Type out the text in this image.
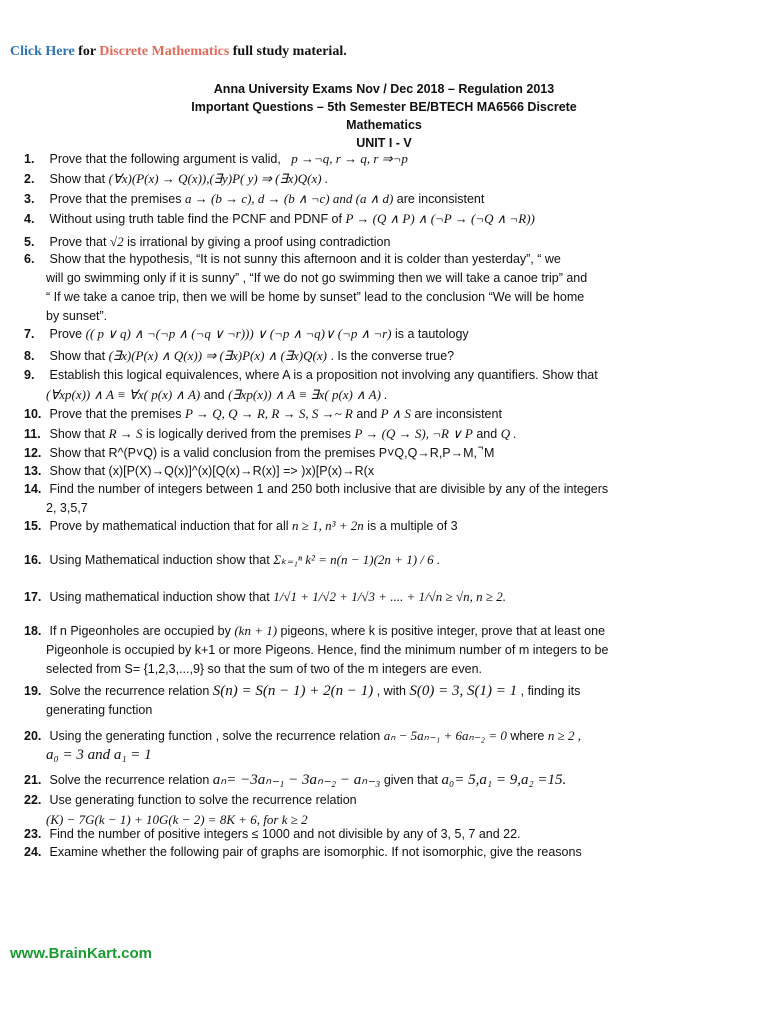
Click Here for Discrete Mathematics full study material.
Anna University Exams Nov / Dec 2018 – Regulation 2013
Important Questions – 5th Semester BE/BTECH MA6566 Discrete
Mathematics
UNIT I - V
1. Prove that the following argument is valid, p →¬q, r → q, r ⇒¬p
2. Show that (∀x)(P(x) → Q(x)),(∃y)P( y) ⇒ (∃x)Q(x) .
3. Prove that the premises a → (b → c), d → (b ∧ ¬c) and (a ∧ d) are inconsistent
4. Without using truth table find the PCNF and PDNF of P → (Q ∧ P) ∧ (¬P → (¬Q ∧ ¬R))
5. Prove that √2 is irrational by giving a proof using contradiction
6. Show that the hypothesis, “It is not sunny this afternoon and it is colder than yesterday”, “ we
will go swimming only if it is sunny” , “If we do not go swimming then we will take a canoe trip” and
“ If we take a canoe trip, then we will be home by sunset” lead to the conclusion “We will be home
by sunset”.
7. Prove (( p ∨ q) ∧ ¬(¬p ∧ (¬q ∨ ¬r))) ∨ (¬p ∧ ¬q)∨ (¬p ∧ ¬r) is a tautology
8. Show that (∃x)(P(x) ∧ Q(x)) ⇒ (∃x)P(x) ∧ (∃x)Q(x) . Is the converse true?
9. Establish this logical equivalences, where A is a proposition not involving any quantifiers. Show that
(∀xp(x)) ∧ A ≡ ∀x( p(x) ∧ A) and (∃xp(x)) ∧ A ≡ ∃x( p(x) ∧ A) .
10. Prove that the premises P → Q, Q → R, R → S, S →~ R and P ∧ S are inconsistent
11. Show that R → S is logically derived from the premises P → (Q → S), ¬R ∨ P and Q .
12. Show that R^(P˅Q) is a valid conclusion from the premises P˅Q,Q→R,P→M, ̚ M
13. Show that (x)[P(X)→Q(x)]^(x)[Q(x)→R(x)] => )x)[P(x)→R(x
14. Find the number of integers between 1 and 250 both inclusive that are divisible by any of the integers
2, 3,5,7
15. Prove by mathematical induction that for all n ≥ 1, n³ + 2n is a multiple of 3
16. Using Mathematical induction show that Σₖ₌₁ⁿ k² = n(n − 1)(2n + 1) / 6 .
17. Using mathematical induction show that 1/√1 + 1/√2 + 1/√3 + .... + 1/√n ≥ √n, n ≥ 2.
18. If n Pigeonholes are occupied by (kn + 1) pigeons, where k is positive integer, prove that at least one
Pigeonhole is occupied by k+1 or more Pigeons. Hence, find the minimum number of m integers to be
selected from S= {1,2,3,...,9} so that the sum of two of the m integers are even.
19. Solve the recurrence relation S(n) = S(n − 1) + 2(n − 1) , with S(0) = 3, S(1) = 1 , finding its
generating function
20. Using the generating function , solve the recurrence relation aₙ − 5aₙ₋₁ + 6aₙ₋₂ = 0 where n ≥ 2 ,
a₀ = 3 and a₁ = 1
21. Solve the recurrence relation aₙ= −3aₙ₋₁ − 3aₙ₋₂ − aₙ₋₃ given that a₀= 5,a₁ = 9,a₂ =15.
22. Use generating function to solve the recurrence relation
(K) − 7G(k − 1) + 10G(k − 2) = 8K + 6, for k ≥ 2
23. Find the number of positive integers ≤ 1000 and not divisible by any of 3, 5, 7 and 22.
24. Examine whether the following pair of graphs are isomorphic. If not isomorphic, give the reasons
www.BrainKart.com
